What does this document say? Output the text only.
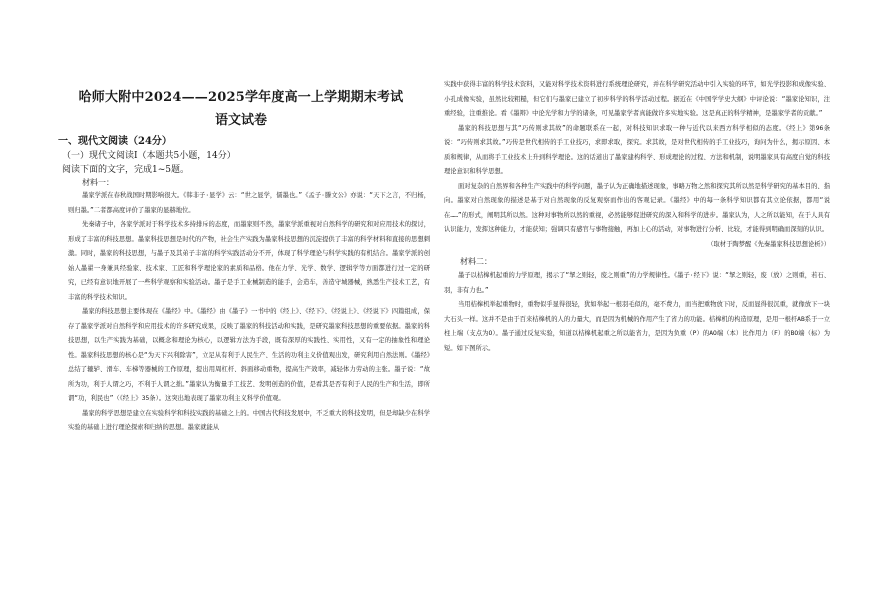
哈师大附中2024——2025学年度高一上学期期末考试
语文试卷
一、现代文阅读（24分）
（一）现代文阅读Ⅰ（本题共5小题，14分）
阅读下面的文字，完成1~5题。
材料一：

墨家学派在春秋战国时期影响很大。《韩非子·显学》云：“世之显学，儒墨也。”《孟子·滕文公》亦说：“天下之言，不归杨，则归墨。”二者都高度评价了墨家的显赫地位。

先秦诸子中，各家学派对于科学技术多持排斥的态度，而墨家则不然，墨家学派重视对自然科学的研究和对应用技术的探讨，形成了丰富的科技思想。墨家科技思想是时代的产物，社会生产实践为墨家科技思想的沉淀提供了丰富的科学材料和直接的思想刺激。同时，墨家的科技思想，与墨子及其弟子丰富的科学实践活动分不开，体现了科学理论与科学实践的有机结合。墨家学派的创始人墨翟一身兼具经验家、技术家、工匠和科学理论家的素质和品格。他在力学、光学、数学、逻辑学等方面都进行过一定的研究，已经有意识地开展了一些科学观察和实验活动。墨子是手工业械制造的能手，会造车，善造守城器械，熟悉生产技术工艺，有丰富的科学技术知识。

墨家的科技思想主要体现在《墨经》中。《墨经》由《墨子》一书中的《经上》、《经下》、《经说上》、《经说下》四篇组成，保存了墨家学派对自然科学和应用技术的许多研究成果，反映了墨家的科技活动和实践，是研究墨家科技思想的重要依据。墨家的科技思想，以生产实践为基础，以概念和理论为核心，以逻辑方法为手段，既有深厚的实践性、实用性，又有一定的抽象性和理论性。墨家科技思想的核心是“为天下兴利除害”，立足从有利于人民生产、生活的功利主义价值观出发，研究利用自然法则。《墨经》总结了辘轳、滑车、车梯等器械的工作原理，提出用周杠杆、斜面移动重物，提高生产效率，减轻体力劳动的主张。墨子说：“故所为功，利于人谓之巧，不利于人谓之拙。”墨家认为衡量手工技艺、发明创造的价值，是看其是否有利于人民的生产和生活，即所谓“功，利民也”（《经上》35条）。这突出地表现了墨家功利主义科学价值观。

墨家的科学思想是建立在实验科学和科技实践的基础之上的。中国古代科技发展中，不乏重大的科技发明，但是却缺少在科学实验的基础上进行理论探索和归纳的思想。墨家就能从

实践中获得丰富的科学技术资料，又能对科学技术资料进行系统理论研究，并在科学研究活动中引入实验的环节，如光学投影和成像实验、小孔成像实验，虽然比较粗糙，但它们与墨家已建立了初步科学的科学活动过程。据近在《中国学学史大纲》中评论说：“墨家论知识，注重经验，注重推论。看《墨辩》中论光学和力学的诸条，可见墨家学者真能做许多实地实验。这是真正的科学精神，是墨家学者的贡献。”

墨家的科技思想与其“巧传则求其故”的命题联系在一起，对科技知识求取一种与近代以来西方科学相似的态度。《经上》第96条说：“巧传则求其故。”巧传是世代相传的手工业技巧，求即求取，探究。求其故，是对世代相传的手工业技巧，询问为什么，揭示原因、本质和规律，从而将手工业技术上升到科学理论。这的话道出了墨家建构科学、形成理论的过程、方法和机制，说明墨家具有高度自觉的科技理论意识和科学思想。

面对复杂的自然界和各种生产实践中的科学问题，墨子认为正确地描述现象，事略万物之然和探究其所以然是科学研究的基本目的、指向。墨家对自然现象的描述是基于对自然现象的反复观察而作出的客观记录。《墨经》中的每一条科学知识都有其立论依据，都用“说在……”的形式，阐明其所以然。这种对事物所以然的重视，必然能够促进研究的深入和科学的进步。墨家认为，人之所以能知，在于人具有认识能力，发挥这种能力，才能获知；强调只有感官与事物接触，再加上心的活动，对事物进行分析、比较，才能得到明确而深刻的认识。

（取材于陶梦醒《先秦墨家科技思想论析》）

材料二：

墨子以桔槔机起重的力学原理，揭示了“挈之则轻，废之则重”的力学规律性。《墨子·经下》说：“挈之则轻，废（放）之则重，若石、羽，非有力也。”

当用桔槔机举起重物时，重物似乎显得很轻，犹如举起一根羽毛似的，毫不费力，而当把重物放下时，反而显得很沉重，就像放下一块大石头一样。这并不是由于百来桔槔机的人的力量大，而是因为机械的作用产生了省力的功能。桔槔机的构造原理，是用一根杆AB系于一立柱上端（支点为O）。墨子通过反复实验，知道以桔槔机起重之所以能省力，是因为负重（P）的AO端（本）比作用力（F）的BO端（标）为短。如下图所示。
